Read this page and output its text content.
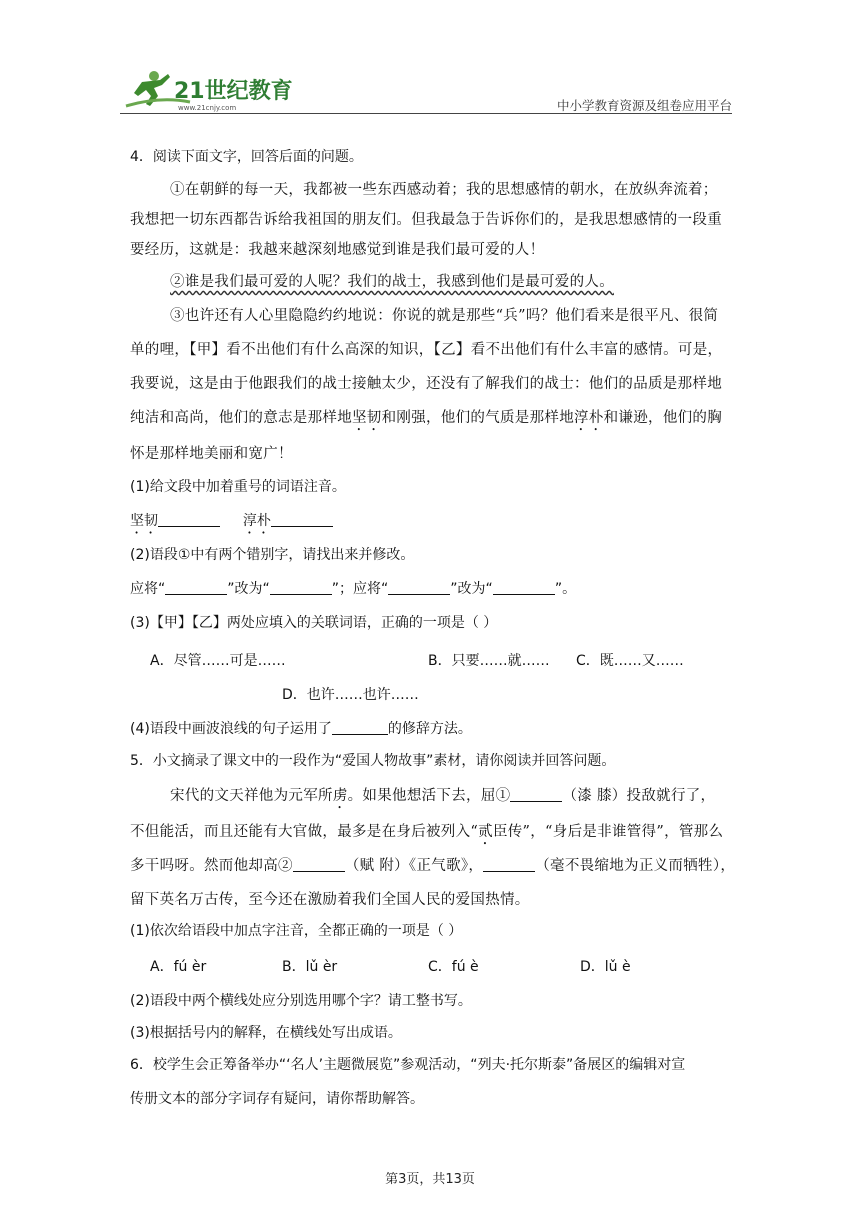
21世纪教育
www.21cnjy.com	中小学教育资源及组卷应用平台
4．阅读下面文字，回答后面的问题。
①在朝鲜的每一天，我都被一些东西感动着；我的思想感情的朝水，在放纵奔流着；
我想把一切东西都告诉给我祖国的朋友们。但我最急于告诉你们的，是我思想感情的一段重
要经历，这就是：我越来越深刻地感觉到谁是我们最可爱的人！
②谁是我们最可爱的人呢？我们的战士，我感到他们是最可爱的人。
③也许还有人心里隐隐约约地说：你说的就是那些“兵”吗？他们看来是很平凡、很简
单的哩，【甲】看不出他们有什么高深的知识，【乙】看不出他们有什么丰富的感情。可是，
我要说，这是由于他跟我们的战士接触太少，还没有了解我们的战士：他们的品质是那样地
纯洁和高尚，他们的意志是那样地坚韧和刚强，他们的气质是那样地淳朴和谦逊，他们的胸
怀是那样地美丽和宽广！
(1)给文段中加着重号的词语注音。
坚韧	淳朴
(2)语段①中有两个错别字，请找出来并修改。
应将“	”改为“	”；应将“	”改为“	”。
(3)【甲】【乙】两处应填入的关联词语，正确的一项是（ ）
A．尽管……可是……	B．只要……就…… C．既……又……
D．也许……也许……
(4)语段中画波浪线的句子运用了	的修辞方法。
5．小文摘录了课文中的一段作为“爱国人物故事”素材，请你阅读并回答问题。
宋代的文天祥他为元军所虏。如果他想活下去，屈①	（漆 膝）投敌就行了，
不但能活，而且还能有大官做，最多是在身后被列入“贰臣传”，“身后是非谁管得”，管那么
多干吗呀。然而他却高②	（赋 附）《正气歌》，	（毫不畏缩地为正义而牺牲），
留下英名万古传，至今还在激励着我们全国人民的爱国热情。
(1)依次给语段中加点字注音，全都正确的一项是（ ）
A．fú èr	B．lǔ èr	C．fú è	D．lǔ è
(2)语段中两个横线处应分别选用哪个字？请工整书写。
(3)根据括号内的解释，在横线处写出成语。
6．校学生会正筹备举办“‘名人’主题微展览”参观活动，“列夫·托尔斯泰”备展区的编辑对宣
传册文本的部分字词存有疑问，请你帮助解答。
第3页，共13页
